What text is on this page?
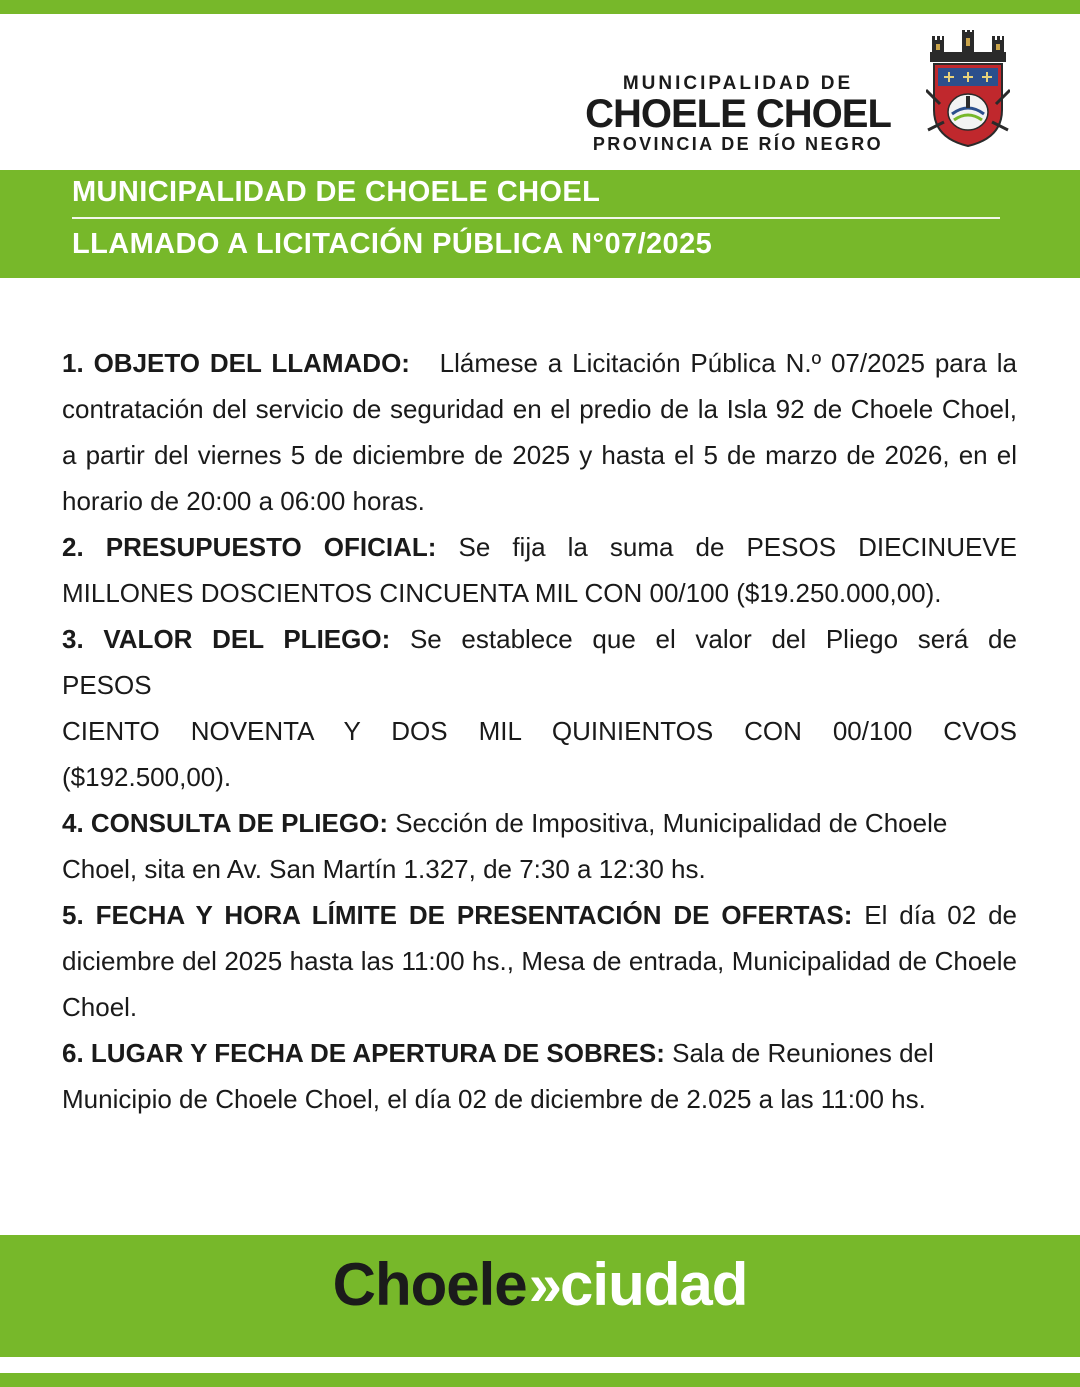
MUNICIPALIDAD DE
CHOELE CHOEL
PROVINCIA DE RÍO NEGRO
MUNICIPALIDAD DE CHOELE CHOEL
LLAMADO A LICITACIÓN PÚBLICA N°07/2025

1. OBJETO DEL LLAMADO: Llámese a Licitación Pública N.º 07/2025 para la contratación del servicio de seguridad en el predio de la Isla 92 de Choele Choel, a partir del viernes 5 de diciembre de 2025 y hasta el 5 de marzo de 2026, en el horario de 20:00 a 06:00 horas.

2. PRESUPUESTO OFICIAL: Se fija la suma de PESOS DIECINUEVE MILLONES DOSCIENTOS CINCUENTA MIL CON 00/100 ($19.250.000,00).

3. VALOR DEL PLIEGO: Se establece que el valor del Pliego será de PESOS

CIENTO NOVENTA Y DOS MIL QUINIENTOS CON 00/100 CVOS ($192.500,00).

4. CONSULTA DE PLIEGO: Sección de Impositiva, Municipalidad de Choele Choel, sita en Av. San Martín 1.327, de 7:30 a 12:30 hs.

5. FECHA Y HORA LÍMITE DE PRESENTACIÓN DE OFERTAS: El día 02 de diciembre del 2025 hasta las 11:00 hs., Mesa de entrada, Municipalidad de Choele Choel.

6. LUGAR Y FECHA DE APERTURA DE SOBRES: Sala de Reuniones del Municipio de Choele Choel, el día 02 de diciembre de 2.025 a las 11:00 hs.

Choele»ciudad
